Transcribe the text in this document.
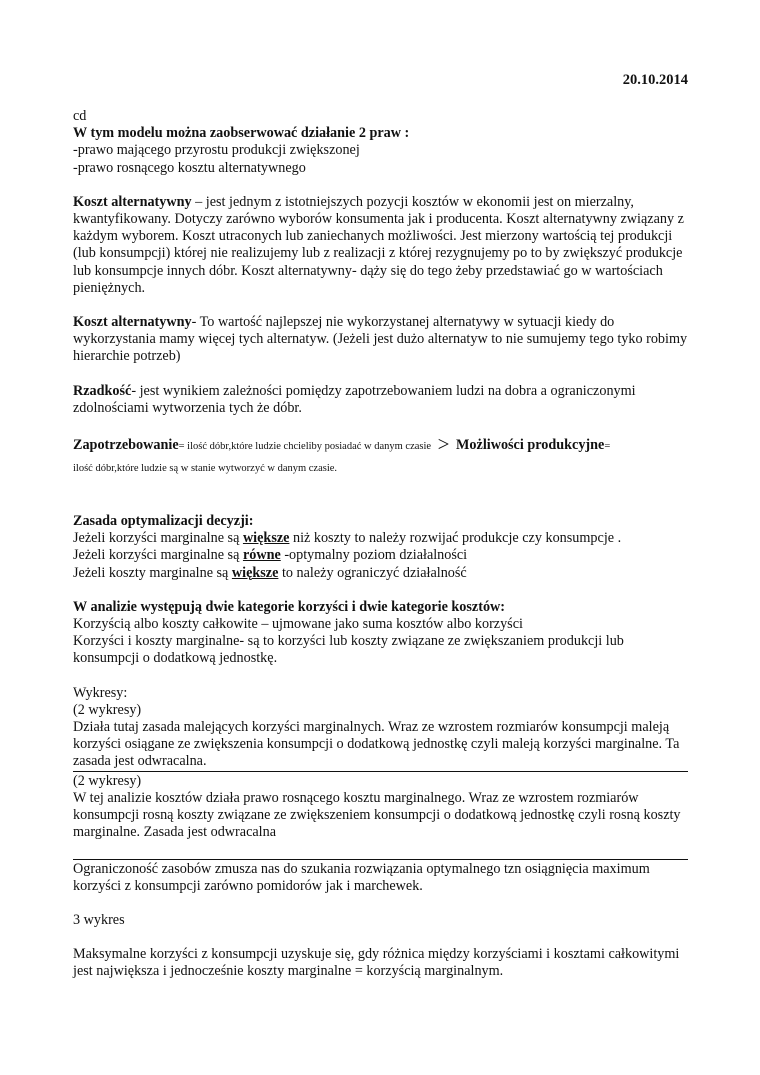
20.10.2014

cd

W tym modelu można zaobserwować działanie 2 praw :

-prawo mającego przyrostu produkcji zwiększonej

-prawo rosnącego kosztu alternatywnego

Koszt alternatywny – jest jednym z istotniejszych pozycji kosztów w ekonomii jest on mierzalny, kwantyfikowany. Dotyczy zarówno wyborów konsumenta jak i producenta. Koszt alternatywny związany z każdym wyborem. Koszt utraconych lub zaniechanych możliwości. Jest mierzony wartością tej produkcji (lub konsumpcji) której nie realizujemy lub z realizacji z której rezygnujemy po to by zwiększyć produkcje lub konsumpcje innych dóbr. Koszt alternatywny- dąży się do tego żeby przedstawiać go w wartościach pieniężnych.

Koszt alternatywny- To wartość najlepszej nie wykorzystanej alternatywy w sytuacji kiedy do wykorzystania mamy więcej tych alternatyw. (Jeżeli jest dużo alternatyw to nie sumujemy tego tyko robimy hierarchie potrzeb)

Rzadkość- jest wynikiem zależności pomiędzy zapotrzebowaniem ludzi na dobra a ograniczonymi zdolnościami wytworzenia tych że dóbr.

Zapotrzebowanie= ilość dóbr,które ludzie chcieliby posiadać w danym czasie > Możliwości produkcyjne=
ilość dóbr,które ludzie są w stanie wytworzyć w danym czasie.

Zasada optymalizacji decyzji:

Jeżeli korzyści marginalne są większe niż koszty to należy rozwijać produkcje czy konsumpcje .

Jeżeli korzyści marginalne są równe -optymalny poziom działalności

Jeżeli koszty marginalne są większe to należy ograniczyć działalność

W analizie występują dwie kategorie korzyści i dwie kategorie kosztów:

Korzyścią albo koszty całkowite – ujmowane jako suma kosztów albo korzyści

Korzyści i koszty marginalne- są to korzyści lub koszty związane ze zwiększaniem produkcji lub konsumpcji o dodatkową jednostkę.

Wykresy:

(2 wykresy)

Działa tutaj zasada malejących korzyści marginalnych. Wraz ze wzrostem rozmiarów konsumpcji maleją korzyści osiągane ze zwiększenia konsumpcji o dodatkową jednostkę czyli maleją korzyści marginalne. Ta zasada jest odwracalna.

(2 wykresy)

W tej analizie kosztów działa prawo rosnącego kosztu marginalnego. Wraz ze wzrostem rozmiarów konsumpcji rosną koszty związane ze zwiększeniem konsumpcji o dodatkową jednostkę czyli rosną koszty marginalne. Zasada jest odwracalna

Ograniczoność zasobów zmusza nas do szukania rozwiązania optymalnego tzn osiągnięcia maximum korzyści z konsumpcji zarówno pomidorów jak i marchewek.

3 wykres

Maksymalne korzyści z konsumpcji uzyskuje się, gdy różnica między korzyściami i kosztami całkowitymi jest największa i jednocześnie koszty marginalne = korzyścią marginalnym.
